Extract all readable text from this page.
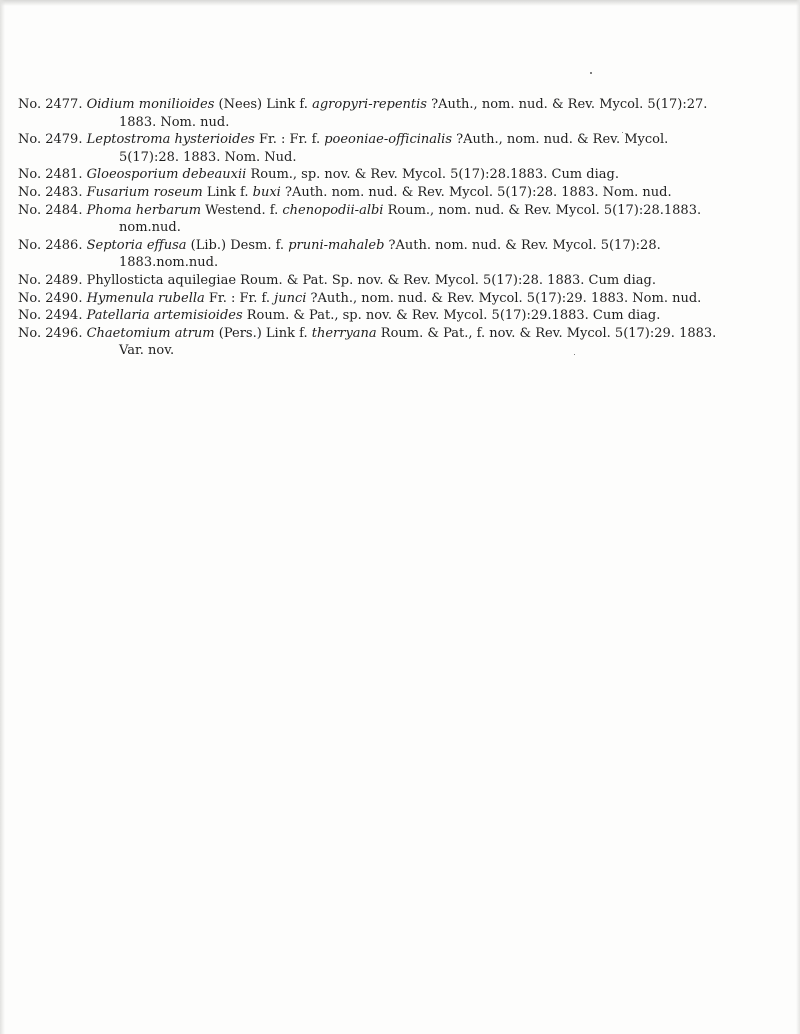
No. 2477. Oidium monilioides (Nees) Link f. agropyri-repentis ?Auth., nom. nud. & Rev. Mycol. 5(17):27. 1883. Nom. nud.

No. 2479. Leptostroma hysterioides Fr. : Fr. f. poeoniae-officinalis ?Auth., nom. nud. & Rev. Mycol. 5(17):28. 1883. Nom. Nud.

No. 2481. Gloeosporium debeauxii Roum., sp. nov. & Rev. Mycol. 5(17):28.1883. Cum diag.

No. 2483. Fusarium roseum Link f. buxi ?Auth. nom. nud. & Rev. Mycol. 5(17):28. 1883. Nom. nud.

No. 2484. Phoma herbarum Westend. f. chenopodii-albi Roum., nom. nud. & Rev. Mycol. 5(17):28.1883. nom.nud.

No. 2486. Septoria effusa (Lib.) Desm. f. pruni-mahaleb ?Auth. nom. nud. & Rev. Mycol. 5(17):28. 1883.nom.nud.

No. 2489. Phyllosticta aquilegiae Roum. & Pat. Sp. nov. & Rev. Mycol. 5(17):28. 1883. Cum diag.

No. 2490. Hymenula rubella Fr. : Fr. f. junci ?Auth., nom. nud. & Rev. Mycol. 5(17):29. 1883. Nom. nud.

No. 2494. Patellaria artemisioides Roum. & Pat., sp. nov. & Rev. Mycol. 5(17):29.1883. Cum diag.

No. 2496. Chaetomium atrum (Pers.) Link f. therryana Roum. & Pat., f. nov. & Rev. Mycol. 5(17):29. 1883. Var. nov.
